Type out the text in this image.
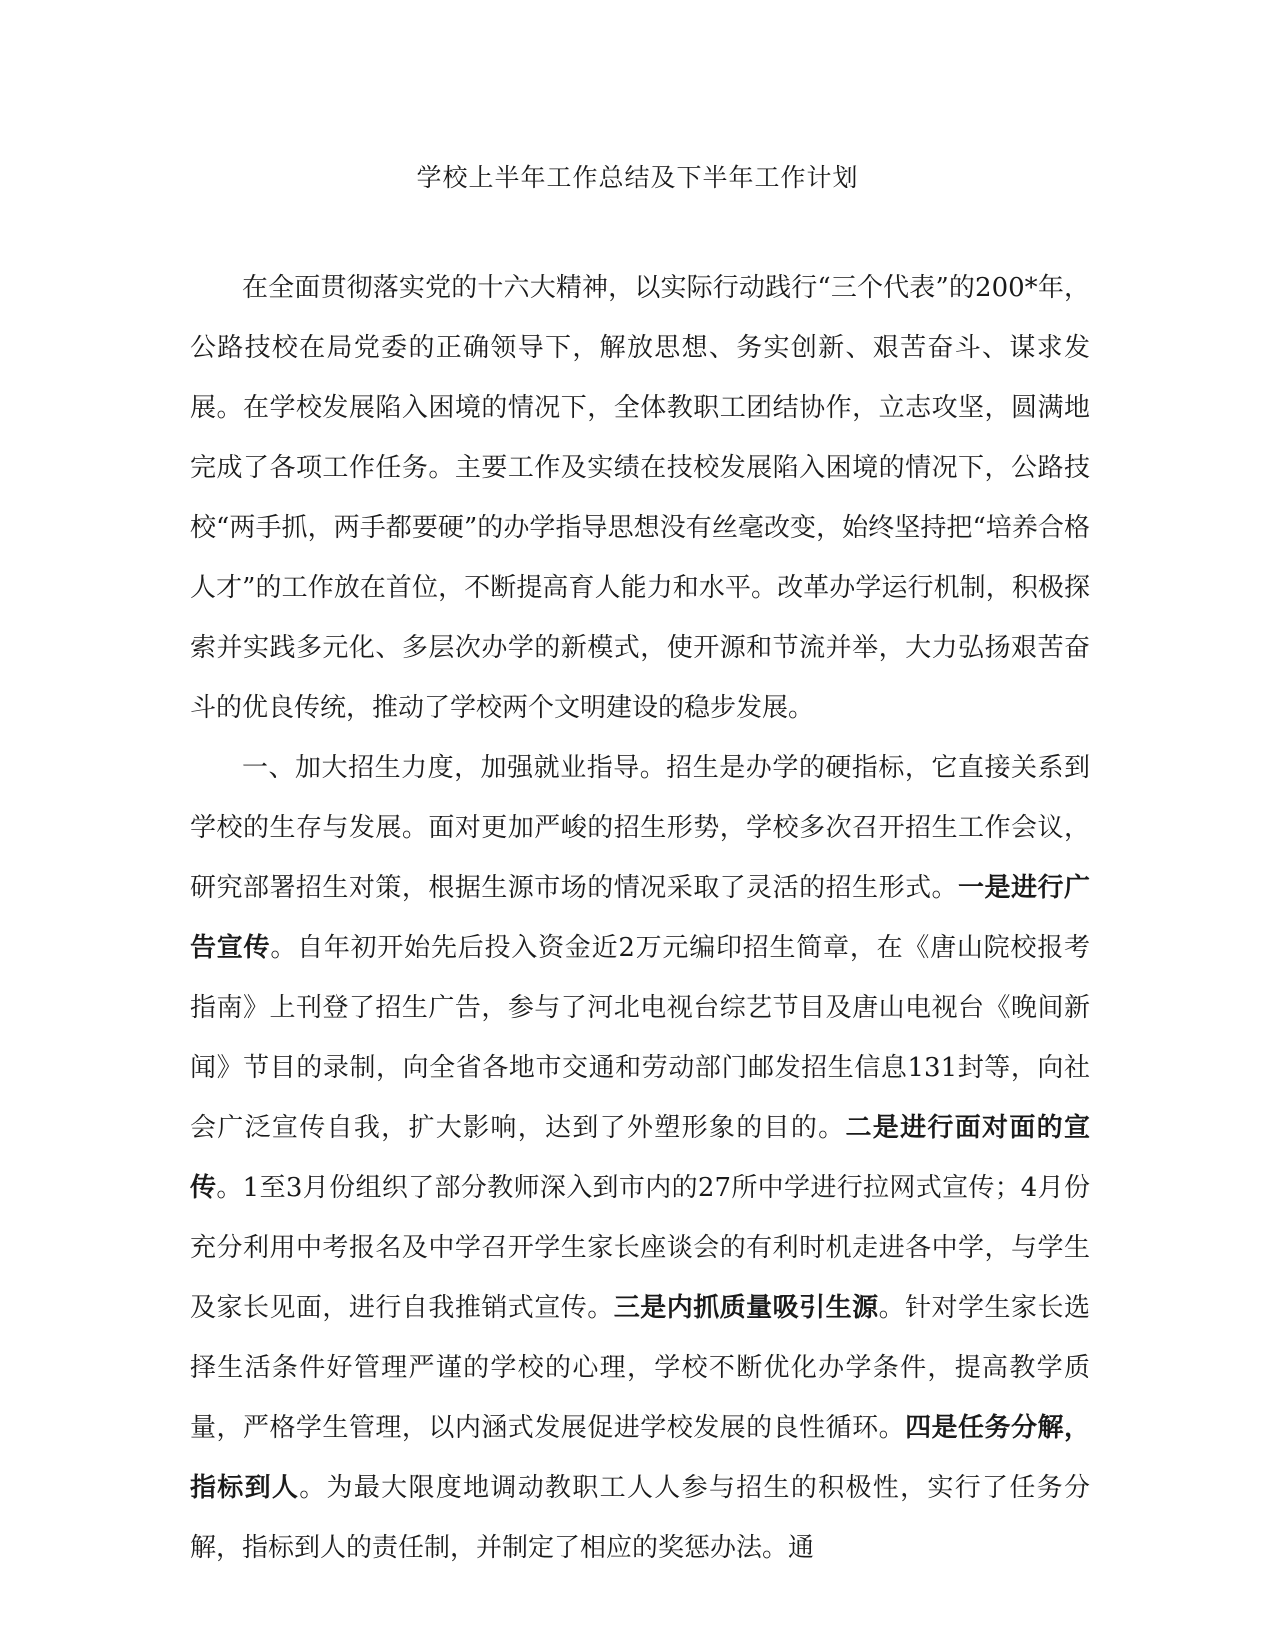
学校上半年工作总结及下半年工作计划

在全面贯彻落实党的十六大精神，以实际行动践行“三个代表”的200*年，公路技校在局党委的正确领导下，解放思想、务实创新、艰苦奋斗、谋求发展。在学校发展陷入困境的情况下，全体教职工团结协作，立志攻坚，圆满地完成了各项工作任务。主要工作及实绩在技校发展陷入困境的情况下，公路技校“两手抓，两手都要硬”的办学指导思想没有丝毫改变，始终坚持把“培养合格人才”的工作放在首位，不断提高育人能力和水平。改革办学运行机制，积极探索并实践多元化、多层次办学的新模式，使开源和节流并举，大力弘扬艰苦奋斗的优良传统，推动了学校两个文明建设的稳步发展。

一、加大招生力度，加强就业指导。招生是办学的硬指标，它直接关系到学校的生存与发展。面对更加严峻的招生形势，学校多次召开招生工作会议，研究部署招生对策，根据生源市场的情况采取了灵活的招生形式。一是进行广告宣传。自年初开始先后投入资金近2万元编印招生简章，在《唐山院校报考指南》上刊登了招生广告，参与了河北电视台综艺节目及唐山电视台《晚间新闻》节目的录制，向全省各地市交通和劳动部门邮发招生信息131封等，向社会广泛宣传自我，扩大影响，达到了外塑形象的目的。二是进行面对面的宣传。1至3月份组织了部分教师深入到市内的27所中学进行拉网式宣传；4月份充分利用中考报名及中学召开学生家长座谈会的有利时机走进各中学，与学生及家长见面，进行自我推销式宣传。三是内抓质量吸引生源。针对学生家长选择生活条件好管理严谨的学校的心理，学校不断优化办学条件，提高教学质量，严格学生管理，以内涵式发展促进学校发展的良性循环。四是任务分解，指标到人。为最大限度地调动教职工人人参与招生的积极性，实行了任务分解，指标到人的责任制，并制定了相应的奖惩办法。通
